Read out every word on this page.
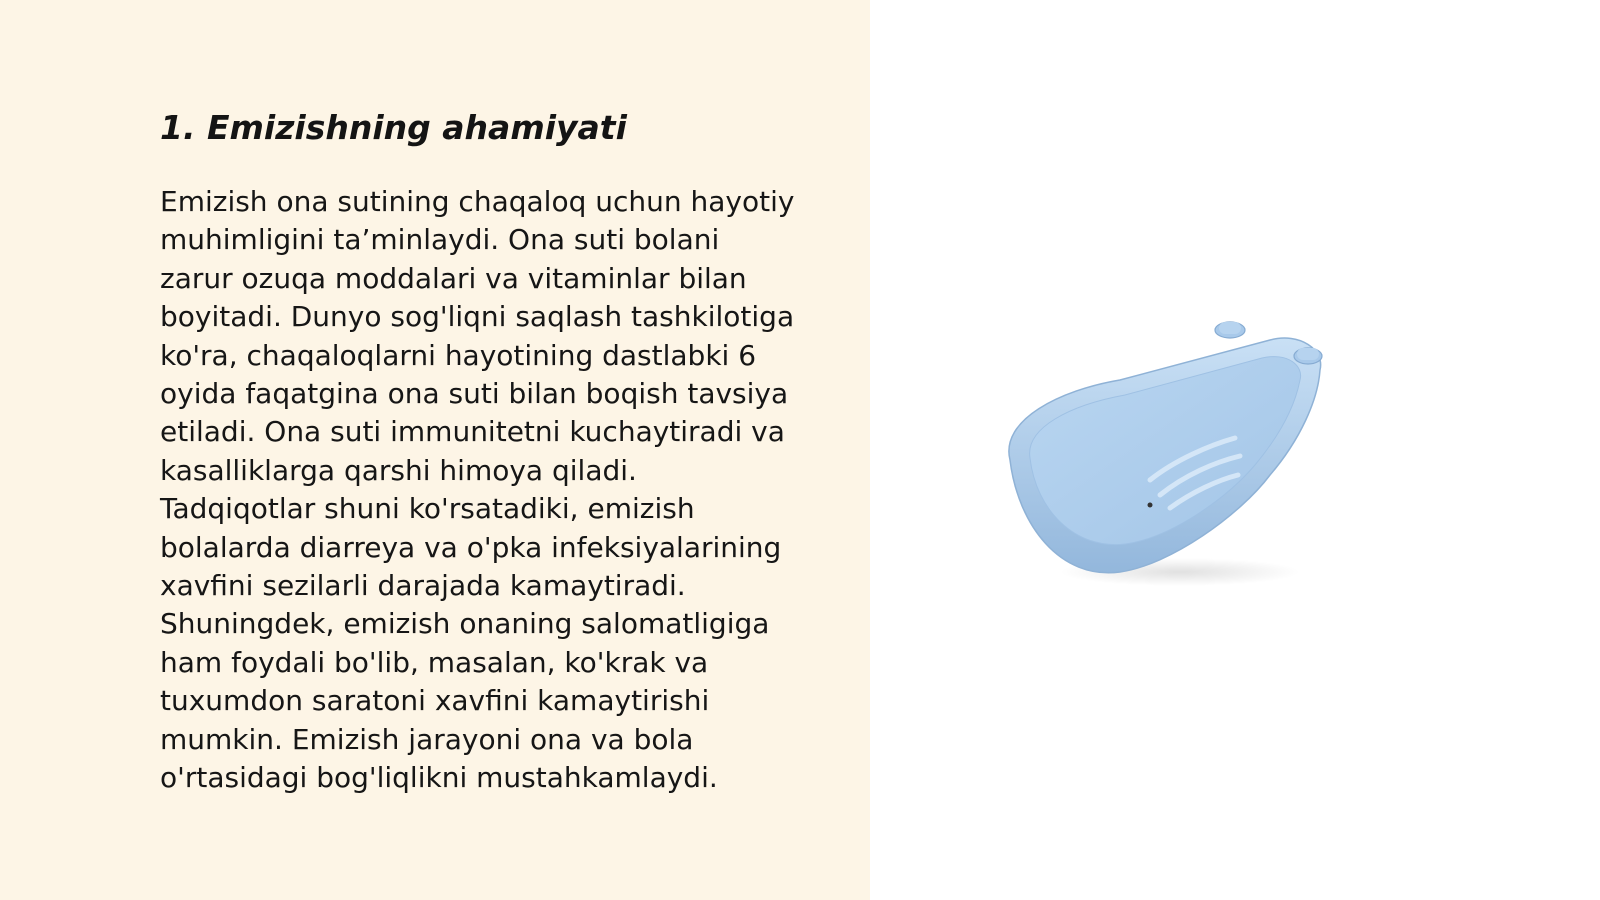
1. Emizishning ahamiyati
Emizish ona sutining chaqaloq uchun hayotiy
muhimligini ta’minlaydi. Ona suti bolani
zarur ozuqa moddalari va vitaminlar bilan
boyitadi. Dunyo sog'liqni saqlash tashkilotiga
ko'ra, chaqaloqlarni hayotining dastlabki 6
oyida faqatgina ona suti bilan boqish tavsiya
etiladi. Ona suti immunitetni kuchaytiradi va
kasalliklarga qarshi himoya qiladi.
Tadqiqotlar shuni ko'rsatadiki, emizish
bolalarda diarreya va o'pka infeksiyalarining
xavfini sezilarli darajada kamaytiradi.
Shuningdek, emizish onaning salomatligiga
ham foydali bo'lib, masalan, ko'krak va
tuxumdon saratoni xavfini kamaytirishi
mumkin. Emizish jarayoni ona va bola
o'rtasidagi bog'liqlikni mustahkamlaydi.
